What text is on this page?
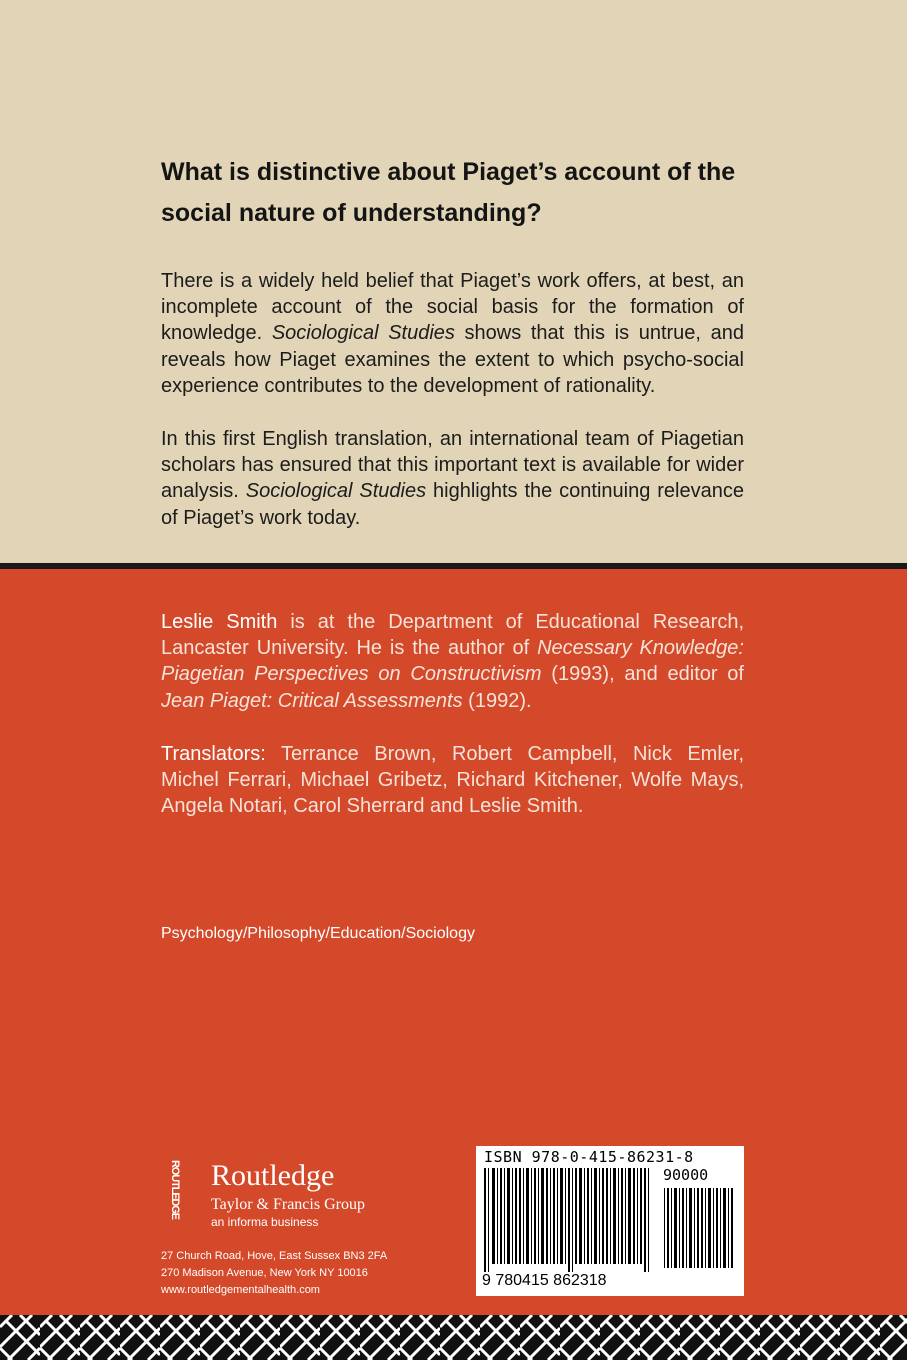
What is distinctive about Piaget’s account of the social nature of understanding?

There is a widely held belief that Piaget’s work offers, at best, an incomplete account of the social basis for the formation of knowledge. Sociological Studies shows that this is untrue, and reveals how Piaget examines the extent to which psycho-social experience contributes to the development of rationality.

In this first English translation, an international team of Piagetian scholars has ensured that this important text is available for wider analysis. Sociological Studies highlights the continuing relevance of Piaget’s work today.

Leslie Smith is at the Department of Educational Research, Lancaster University. He is the author of Necessary Knowledge: Piagetian Perspectives on Constructivism (1993), and editor of Jean Piaget: Critical Assessments (1992).

Translators: Terrance Brown, Robert Campbell, Nick Emler, Michel Ferrari, Michael Gribetz, Richard Kitchener, Wolfe Mays, Angela Notari, Carol Sherrard and Leslie Smith.

Psychology/Philosophy/Education/Sociology

ROUTLEDGE

Routledge

Taylor & Francis Group

an informa business

27 Church Road, Hove, East Sussex BN3 2FA

270 Madison Avenue, New York NY 10016

www.routledgementalhealth.com

ISBN 978-0-415-86231-8

90000

9 780415 862318
